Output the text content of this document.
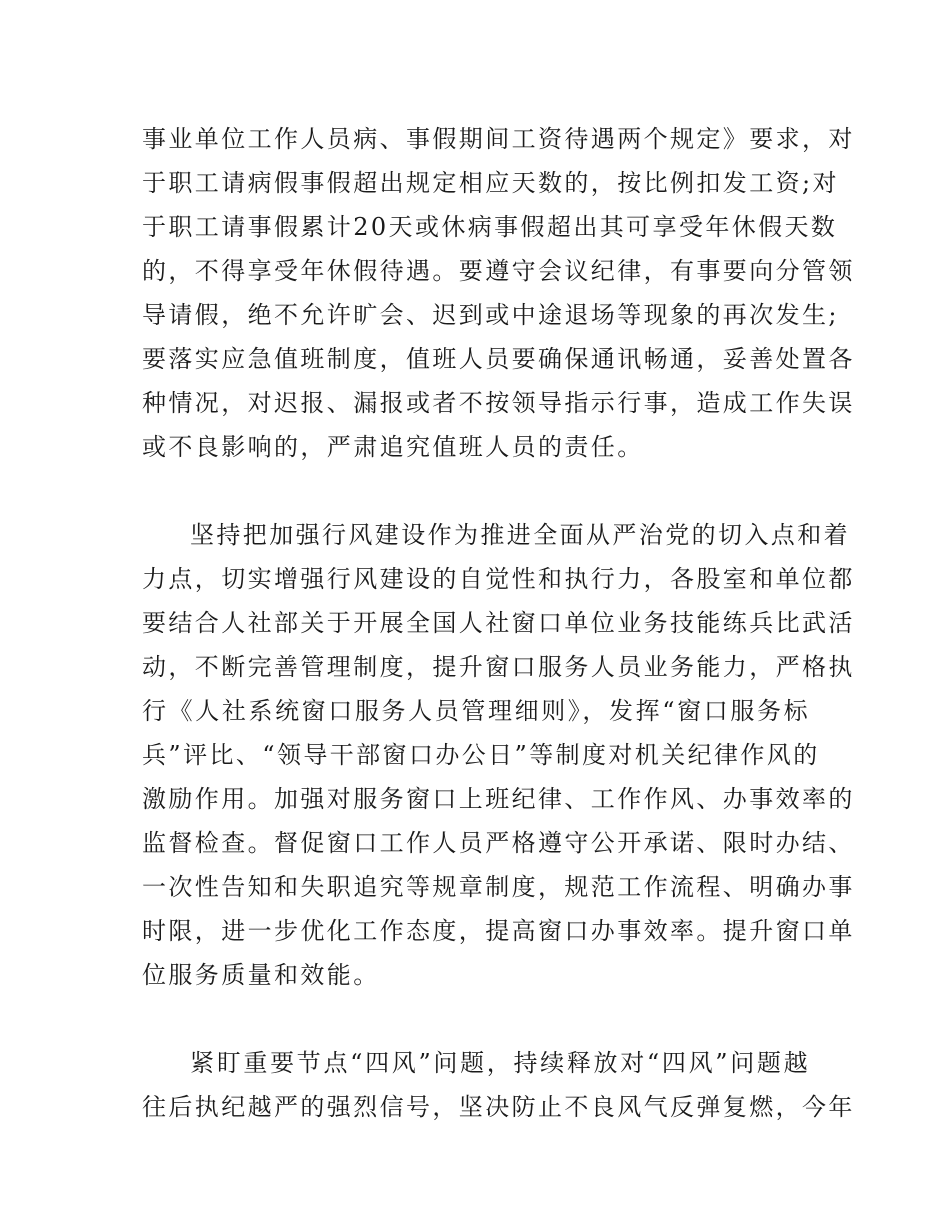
事业单位工作人员病、事假期间工资待遇两个规定》要求，对
于职工请病假事假超出规定相应天数的，按比例扣发工资;对
于职工请事假累计20天或休病事假超出其可享受年休假天数
的，不得享受年休假待遇。要遵守会议纪律，有事要向分管领
导请假，绝不允许旷会、迟到或中途退场等现象的再次发生;
要落实应急值班制度，值班人员要确保通讯畅通，妥善处置各
种情况，对迟报、漏报或者不按领导指示行事，造成工作失误
或不良影响的，严肃追究值班人员的责任。
坚持把加强行风建设作为推进全面从严治党的切入点和着
力点，切实增强行风建设的自觉性和执行力，各股室和单位都
要结合人社部关于开展全国人社窗口单位业务技能练兵比武活
动，不断完善管理制度，提升窗口服务人员业务能力，严格执
行《人社系统窗口服务人员管理细则》，发挥“窗口服务标
兵”评比、“领导干部窗口办公日”等制度对机关纪律作风的
激励作用。加强对服务窗口上班纪律、工作作风、办事效率的
监督检查。督促窗口工作人员严格遵守公开承诺、限时办结、
一次性告知和失职追究等规章制度，规范工作流程、明确办事
时限，进一步优化工作态度，提高窗口办事效率。提升窗口单
位服务质量和效能。
紧盯重要节点“四风”问题，持续释放对“四风”问题越
往后执纪越严的强烈信号，坚决防止不良风气反弹复燃，今年
